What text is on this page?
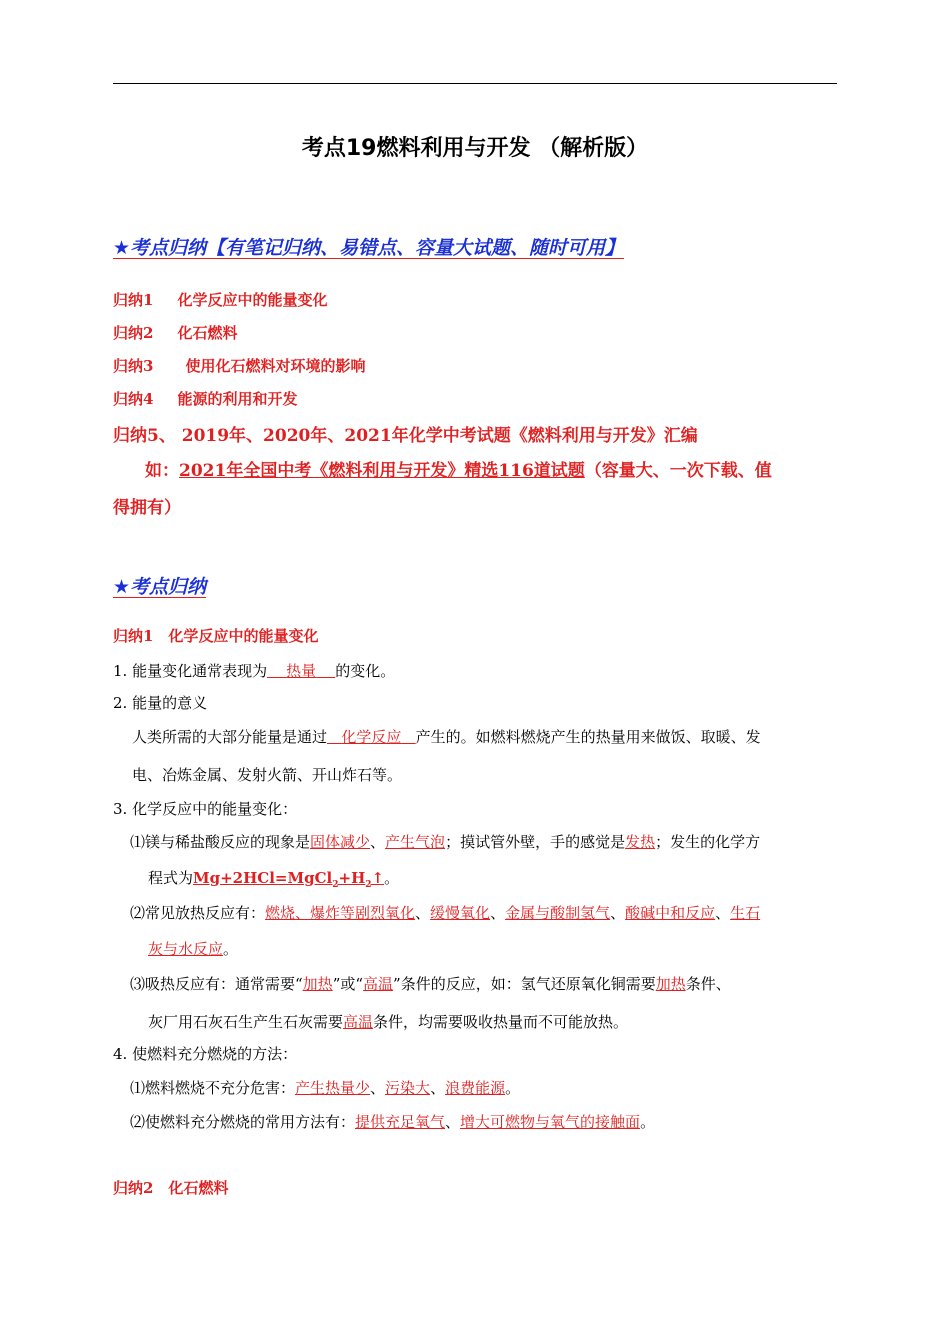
考点19燃料利用与开发 （解析版）
★考点归纳【有笔记归纳、易错点、容量大试题、随时可用】
归纳1 化学反应中的能量变化
归纳2 化石燃料
归纳3 使用化石燃料对环境的影响
归纳4 能源的利用和开发
归纳5、 2019年、2020年、2021年化学中考试题《燃料利用与开发》汇编
如：2021年全国中考《燃料利用与开发》精选116道试题（容量大、一次下载、值
得拥有）
★考点归纳
归纳1　化学反应中的能量变化
1. 能量变化通常表现为 热量 的变化。
2. 能量的意义
人类所需的大部分能量是通过 化学反应 产生的。如燃料燃烧产生的热量用来做饭、取暖、发
电、冶炼金属、发射火箭、开山炸石等。
3. 化学反应中的能量变化：
⑴镁与稀盐酸反应的现象是固体减少、产生气泡；摸试管外壁，手的感觉是发热；发生的化学方
程式为$Mg+2HCl=MgCl_2+H_2↑$。
⑵常见放热反应有：燃烧、爆炸等剧烈氧化、缓慢氧化、金属与酸制氢气、酸碱中和反应、生石
灰与水反应。
⑶吸热反应有：通常需要“加热”或“高温”条件的反应，如：氢气还原氧化铜需要加热条件、
灰厂用石灰石生产生石灰需要高温条件，均需要吸收热量而不可能放热。
4. 使燃料充分燃烧的方法：
⑴燃料燃烧不充分危害：产生热量少、污染大、浪费能源。
⑵使燃料充分燃烧的常用方法有：提供充足氧气、增大可燃物与氧气的接触面。
归纳2　化石燃料
